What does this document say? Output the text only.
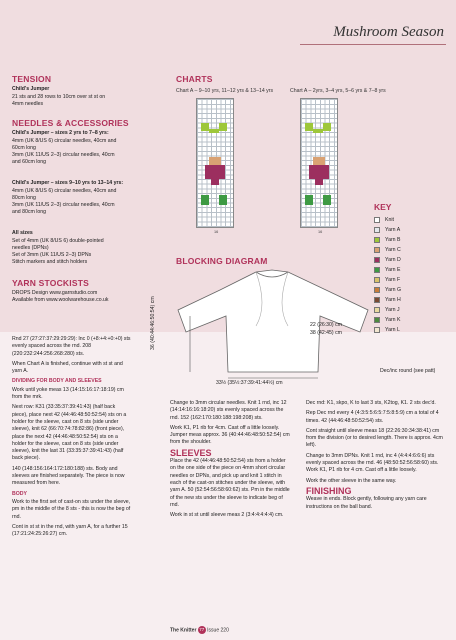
Mushroom Season
TENSION
Child's Jumper
21 sts and 28 rows to 10cm over st st on
4mm needles
NEEDLES & ACCESSORIES
Child's Jumper – sizes 2 yrs to 7–8 yrs:
4mm (UK 8/US 6) circular needles, 40cm and
60cm long
3mm (UK 11/US 2–3) circular needles, 40cm
and 60cm long
Child's Jumper – sizes 9–10 yrs to 13–14 yrs:
4mm (UK 8/US 6) circular needles, 40cm and
80cm long
3mm (UK 11/US 2–3) circular needles, 40cm
and 80cm long
All sizes
Set of 4mm (UK 8/US 6) double-pointed
needles (DPNs)
Set of 3mm (UK 11/US 2–3) DPNs
Stitch markers and stitch holders
YARN STOCKISTS
DROPS Design www.garnstudio.com
Available from www.woolwarehouse.co.uk
CHARTS
Chart A – 9–10 yrs, 11–12 yrs & 13–14 yrs	Chart A – 2yrs, 3–4 yrs, 5–6 yrs & 7–8 yrs
16	16
KEY
Knit
Yarn A
Yarn B
Yarn C
Yarn D
Yarn E
Yarn F
Yarn G
Yarn H
Yarn J
Yarn K
Yarn L
BLOCKING DIAGRAM
36 (40:44:46:50:54) cm	22 (26:30) cm
38 (42:45) cm
33½ (35½:37:39:41:44½) cm
Dec/inc round (see patt)

Rnd 27 (27:27:37:29:29:29): Inc 0 (+8:+4:+0:+0) sts evenly spaced across the rnd. 208 (220:232:244:256:268:280) sts.

When Chart A is finished, continue with st st and yarn A.

DIVIDING FOR BODY AND SLEEVES

Work until yoke meas 13 (14:15:16:17:18:19) cm from the mrk.

Next row: K31 (33:35:37:39:41:43) (half back piece), place next 42 (44:46:48:50:52:54) sts on a holder for the sleeve, cast on 8 sts (side under sleeve), knit 62 (66:70:74:78:82:86) (front piece), place the next 42 (44:46:48:50:52:54) sts on a holder for the sleeve, cast on 8 sts (side under sleeve), knit the last 31 (33:35:37:39:41:43) (half back piece).

140 (148:156:164:172:180:188) sts. Body and sleeves are finished separately. The piece is now measured from here.

BODY

Work to the first set of cast-on sts under the sleeve, pm in the middle of the 8 sts - this is now the beg of rnd.

Cont in st st in the rnd, with yarn A, for a further 15 (17:21:24:25:26:27) cm.

Change to 3mm circular needles. Knit 1 rnd, inc 12 (14:14:16:16:18:20) sts evenly spaced across the rnd. 152 (162:170:180:188:198:208) sts.

Work K1, P1 rib for 4cm. Cast off a little loosely. Jumper meas approx. 36 (40:44:46:48:50:52:54) cm from the shoulder.

SLEEVES

Place the 42 (44:46:48:50:52:54) sts from a holder on the one side of the piece on 4mm short circular needles or DPNs, and pick up and knit 1 stitch in each of the cast-on stitches under the sleeve, with yarn A. 50 (52:54:56:58:60:62) sts. Pm in the middle of the new sts under the sleeve to indicate beg of rnd.

Work in st st until sleeve meas 2 (3:4:4:4:4:4) cm.

Dec rnd: K1, skpo, K to last 3 sts, K2tog, K1. 2 sts dec'd.

Rep Dec rnd every 4 (4:3:5:5:6:5:7:5:8:5:9) cm a total of 4 times. 42 (44:46:48:50:52:54) sts.

Cont straight until sleeve meas 18 (22:26:30:34:38:41) cm from the division (or to desired length. There is approx. 4cm left).

Change to 3mm DPNs. Knit 1 rnd, inc 4 (4:4:4:6:6:6) sts evenly spaced across the rnd. 46 (48:50:52:56:58:60) sts. Work K1, P1 rib for 4 cm. Cast off a little loosely.

Work the other sleeve in the same way.

FINISHING

Weave in ends. Block gently, following any yarn care instructions on the ball band.

The Knitter 77 Issue 220
